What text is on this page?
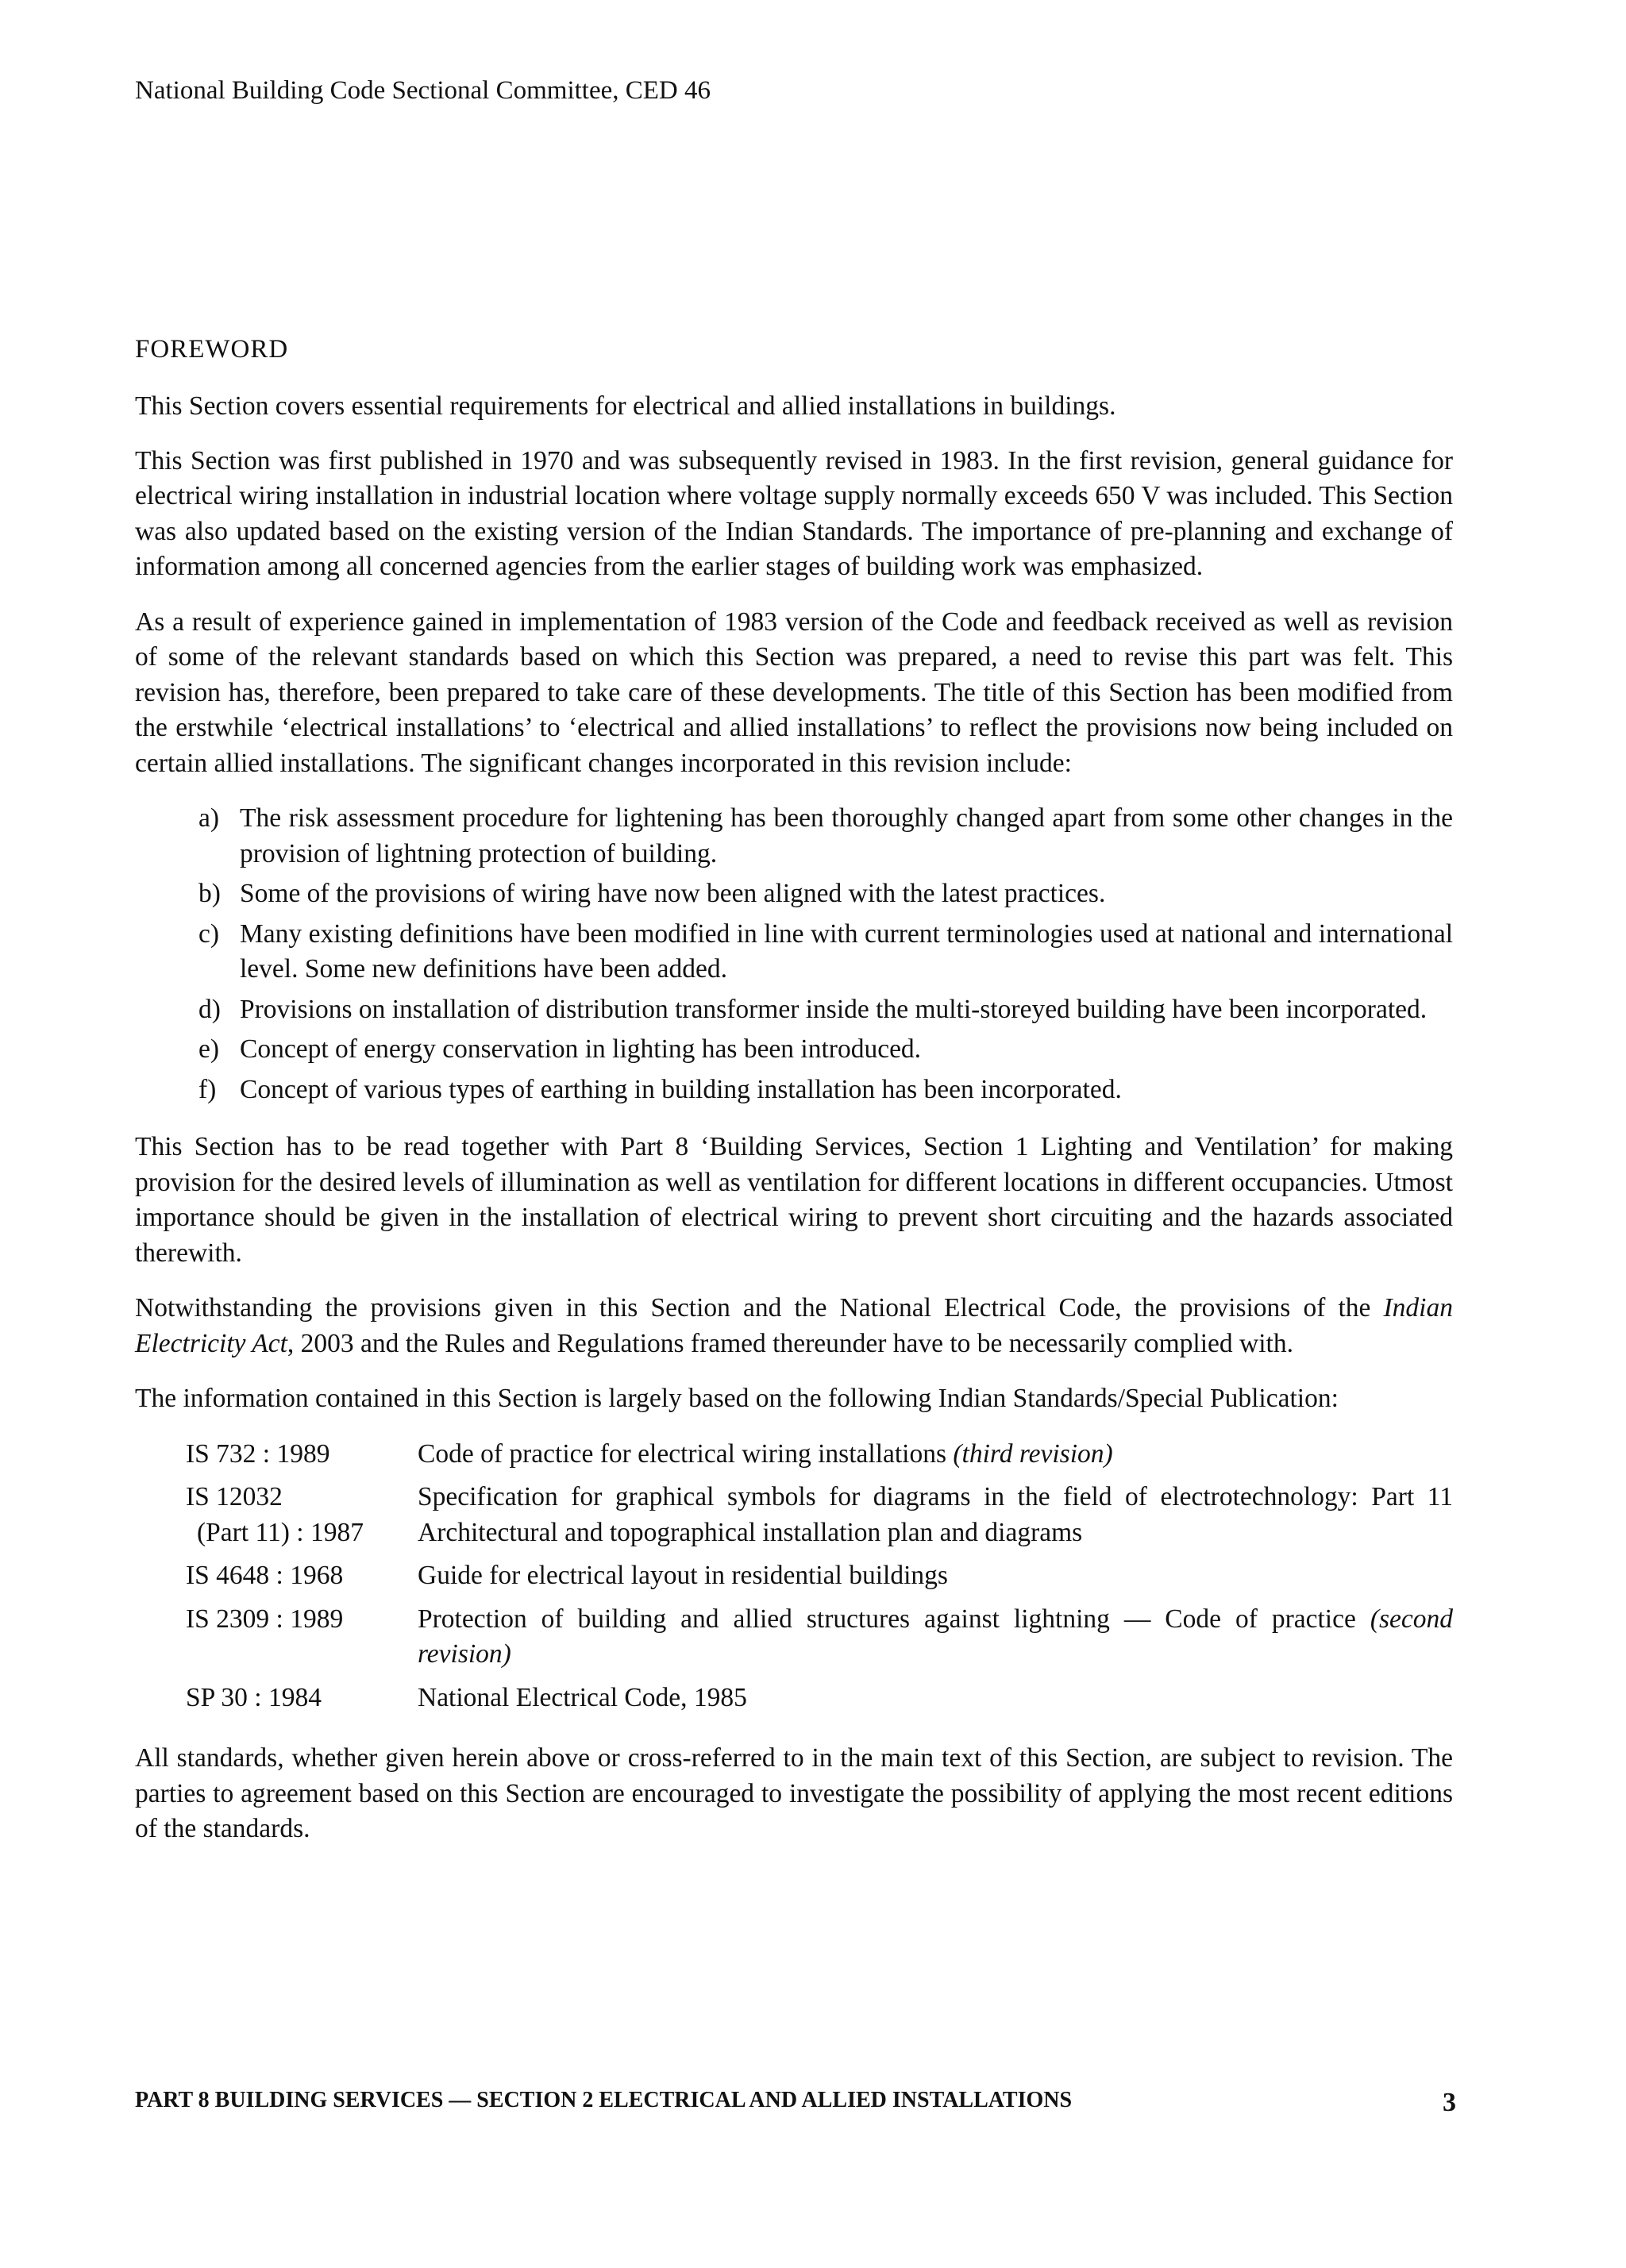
National Building Code Sectional Committee, CED 46
FOREWORD

This Section covers essential requirements for electrical and allied installations in buildings.

This Section was first published in 1970 and was subsequently revised in 1983. In the first revision, general guidance for electrical wiring installation in industrial location where voltage supply normally exceeds 650 V was included. This Section was also updated based on the existing version of the Indian Standards. The importance of pre-planning and exchange of information among all concerned agencies from the earlier stages of building work was emphasized.

As a result of experience gained in implementation of 1983 version of the Code and feedback received as well as revision of some of the relevant standards based on which this Section was prepared, a need to revise this part was felt. This revision has, therefore, been prepared to take care of these developments. The title of this Section has been modified from the erstwhile ‘electrical installations’ to ‘electrical and allied installations’ to reflect the provisions now being included on certain allied installations. The significant changes incorporated in this revision include:

a) The risk assessment procedure for lightening has been thoroughly changed apart from some other changes in the provision of lightning protection of building.
b) Some of the provisions of wiring have now been aligned with the latest practices.
c) Many existing definitions have been modified in line with current terminologies used at national and international level. Some new definitions have been added.
d) Provisions on installation of distribution transformer inside the multi-storeyed building have been incorporated.
e) Concept of energy conservation in lighting has been introduced.
f) Concept of various types of earthing in building installation has been incorporated.

This Section has to be read together with Part 8 ‘Building Services, Section 1 Lighting and Ventilation’ for making provision for the desired levels of illumination as well as ventilation for different locations in different occupancies. Utmost importance should be given in the installation of electrical wiring to prevent short circuiting and the hazards associated therewith.

Notwithstanding the provisions given in this Section and the National Electrical Code, the provisions of the Indian Electricity Act, 2003 and the Rules and Regulations framed thereunder have to be necessarily complied with.

The information contained in this Section is largely based on the following Indian Standards/Special Publication:

IS 732 : 1989	Code of practice for electrical wiring installations (third revision)
IS 12032
(Part 11) : 1987	Specification for graphical symbols for diagrams in the field of electrotechnology: Part 11 Architectural and topographical installation plan and diagrams
IS 4648 : 1968	Guide for electrical layout in residential buildings
IS 2309 : 1989	Protection of building and allied structures against lightning — Code of practice (second revision)
SP 30 : 1984	National Electrical Code, 1985

All standards, whether given herein above or cross-referred to in the main text of this Section, are subject to revision. The parties to agreement based on this Section are encouraged to investigate the possibility of applying the most recent editions of the standards.

PART 8 BUILDING SERVICES — SECTION 2 ELECTRICAL AND ALLIED INSTALLATIONS	3
